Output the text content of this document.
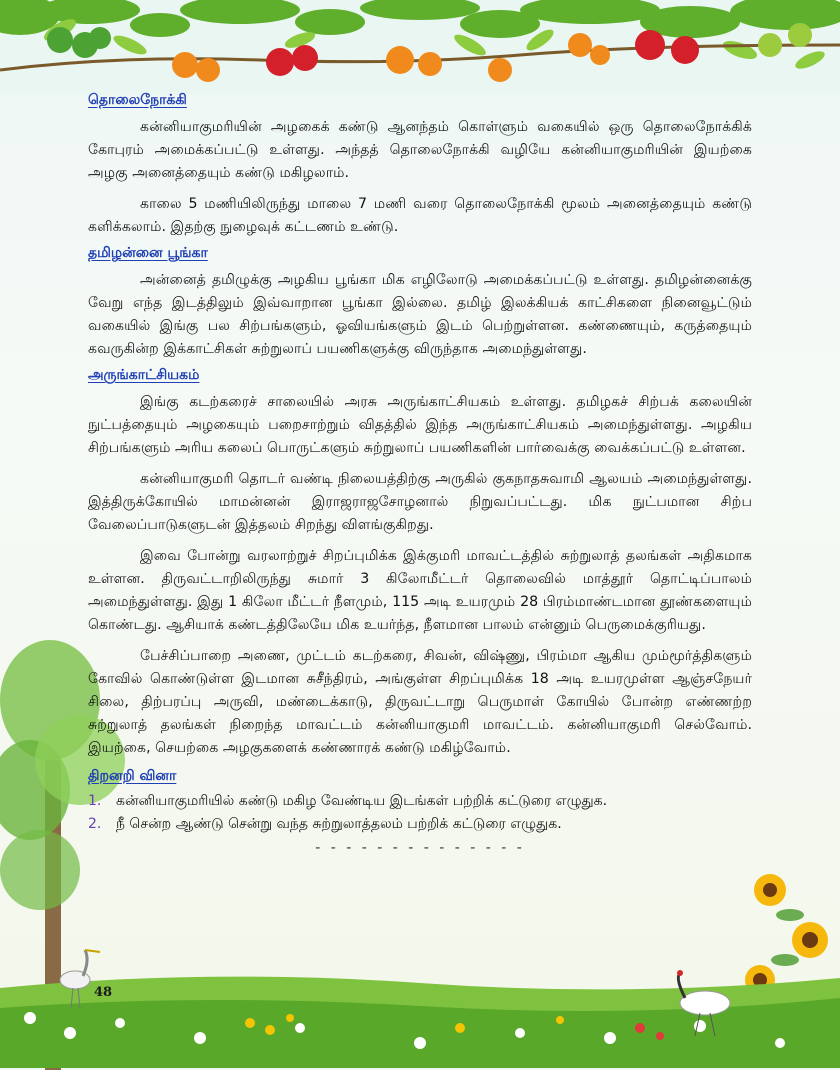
தொலைநோக்கி

கன்னியாகுமரியின் அழகைக் கண்டு ஆனந்தம் கொள்ளும் வகையில் ஒரு தொலைநோக்கிக் கோபுரம் அமைக்கப்பட்டு உள்ளது. அந்தத் தொலைநோக்கி வழியே கன்னியாகுமரியின் இயற்கை அழகு அனைத்தையும் கண்டு மகிழலாம்.

காலை 5 மணியிலிருந்து மாலை 7 மணி வரை தொலைநோக்கி மூலம் அனைத்தையும் கண்டு களிக்கலாம். இதற்கு நுழைவுக் கட்டணம் உண்டு.

தமிழன்னை பூங்கா

அன்னைத் தமிழுக்கு அழகிய பூங்கா மிக எழிலோடு அமைக்கப்பட்டு உள்ளது. தமிழன்னைக்கு வேறு எந்த இடத்திலும் இவ்வாறான பூங்கா இல்லை. தமிழ் இலக்கியக் காட்சிகளை நினைவூட்டும் வகையில் இங்கு பல சிற்பங்களும், ஓவியங்களும் இடம் பெற்றுள்ளன. கண்ணையும், கருத்தையும் கவருகின்ற இக்காட்சிகள் சுற்றுலாப் பயணிகளுக்கு விருந்தாக அமைந்துள்ளது.

அருங்காட்சியகம்

இங்கு கடற்கரைச் சாலையில் அரசு அருங்காட்சியகம் உள்ளது. தமிழகச் சிற்பக் கலையின் நுட்பத்தையும் அழகையும் பறைசாற்றும் விதத்தில் இந்த அருங்காட்சியகம் அமைந்துள்ளது. அழகிய சிற்பங்களும் அரிய கலைப் பொருட்களும் சுற்றுலாப் பயணிகளின் பார்வைக்கு வைக்கப்பட்டு உள்ளன.

கன்னியாகுமரி தொடர் வண்டி நிலையத்திற்கு அருகில் குகநாதசுவாமி ஆலயம் அமைந்துள்ளது. இத்திருக்கோயில் மாமன்னன் இராஜராஜசோழனால் நிறுவப்பட்டது. மிக நுட்பமான சிற்ப வேலைப்பாடுகளுடன் இத்தலம் சிறந்து விளங்குகிறது.

இவை போன்று வரலாற்றுச் சிறப்புமிக்க இக்குமரி மாவட்டத்தில் சுற்றுலாத் தலங்கள் அதிகமாக உள்ளன. திருவட்டாறிலிருந்து சுமார் 3 கிலோமீட்டர் தொலைவில் மாத்தூர் தொட்டிப்பாலம் அமைந்துள்ளது. இது 1 கிலோ மீட்டர் நீளமும், 115 அடி உயரமும் 28 பிரம்மாண்டமான தூண்களையும் கொண்டது. ஆசியாக் கண்டத்திலேயே மிக உயர்ந்த, நீளமான பாலம் என்னும் பெருமைக்குரியது.

பேச்சிப்பாறை அணை, முட்டம் கடற்கரை, சிவன், விஷ்ணு, பிரம்மா ஆகிய மும்மூர்த்திகளும் கோவில் கொண்டுள்ள இடமான சுசீந்திரம், அங்குள்ள சிறப்புமிக்க 18 அடி உயரமுள்ள ஆஞ்சநேயர் சிலை, திற்பரப்பு அருவி, மண்டைக்காடு, திருவட்டாறு பெருமாள் கோயில் போன்ற எண்ணற்ற சுற்றுலாத் தலங்கள் நிறைந்த மாவட்டம் கன்னியாகுமரி மாவட்டம். கன்னியாகுமரி செல்வோம். இயற்கை, செயற்கை அழகுகளைக் கண்ணாரக் கண்டு மகிழ்வோம்.

திறனறி வினா
1.	கன்னியாகுமரியில் கண்டு மகிழ வேண்டிய இடங்கள் பற்றிக் கட்டுரை எழுதுக.
2.	நீ சென்ற ஆண்டு சென்று வந்த சுற்றுலாத்தலம் பற்றிக் கட்டுரை எழுதுக.
- - - - - - - - - - - - - -
48
